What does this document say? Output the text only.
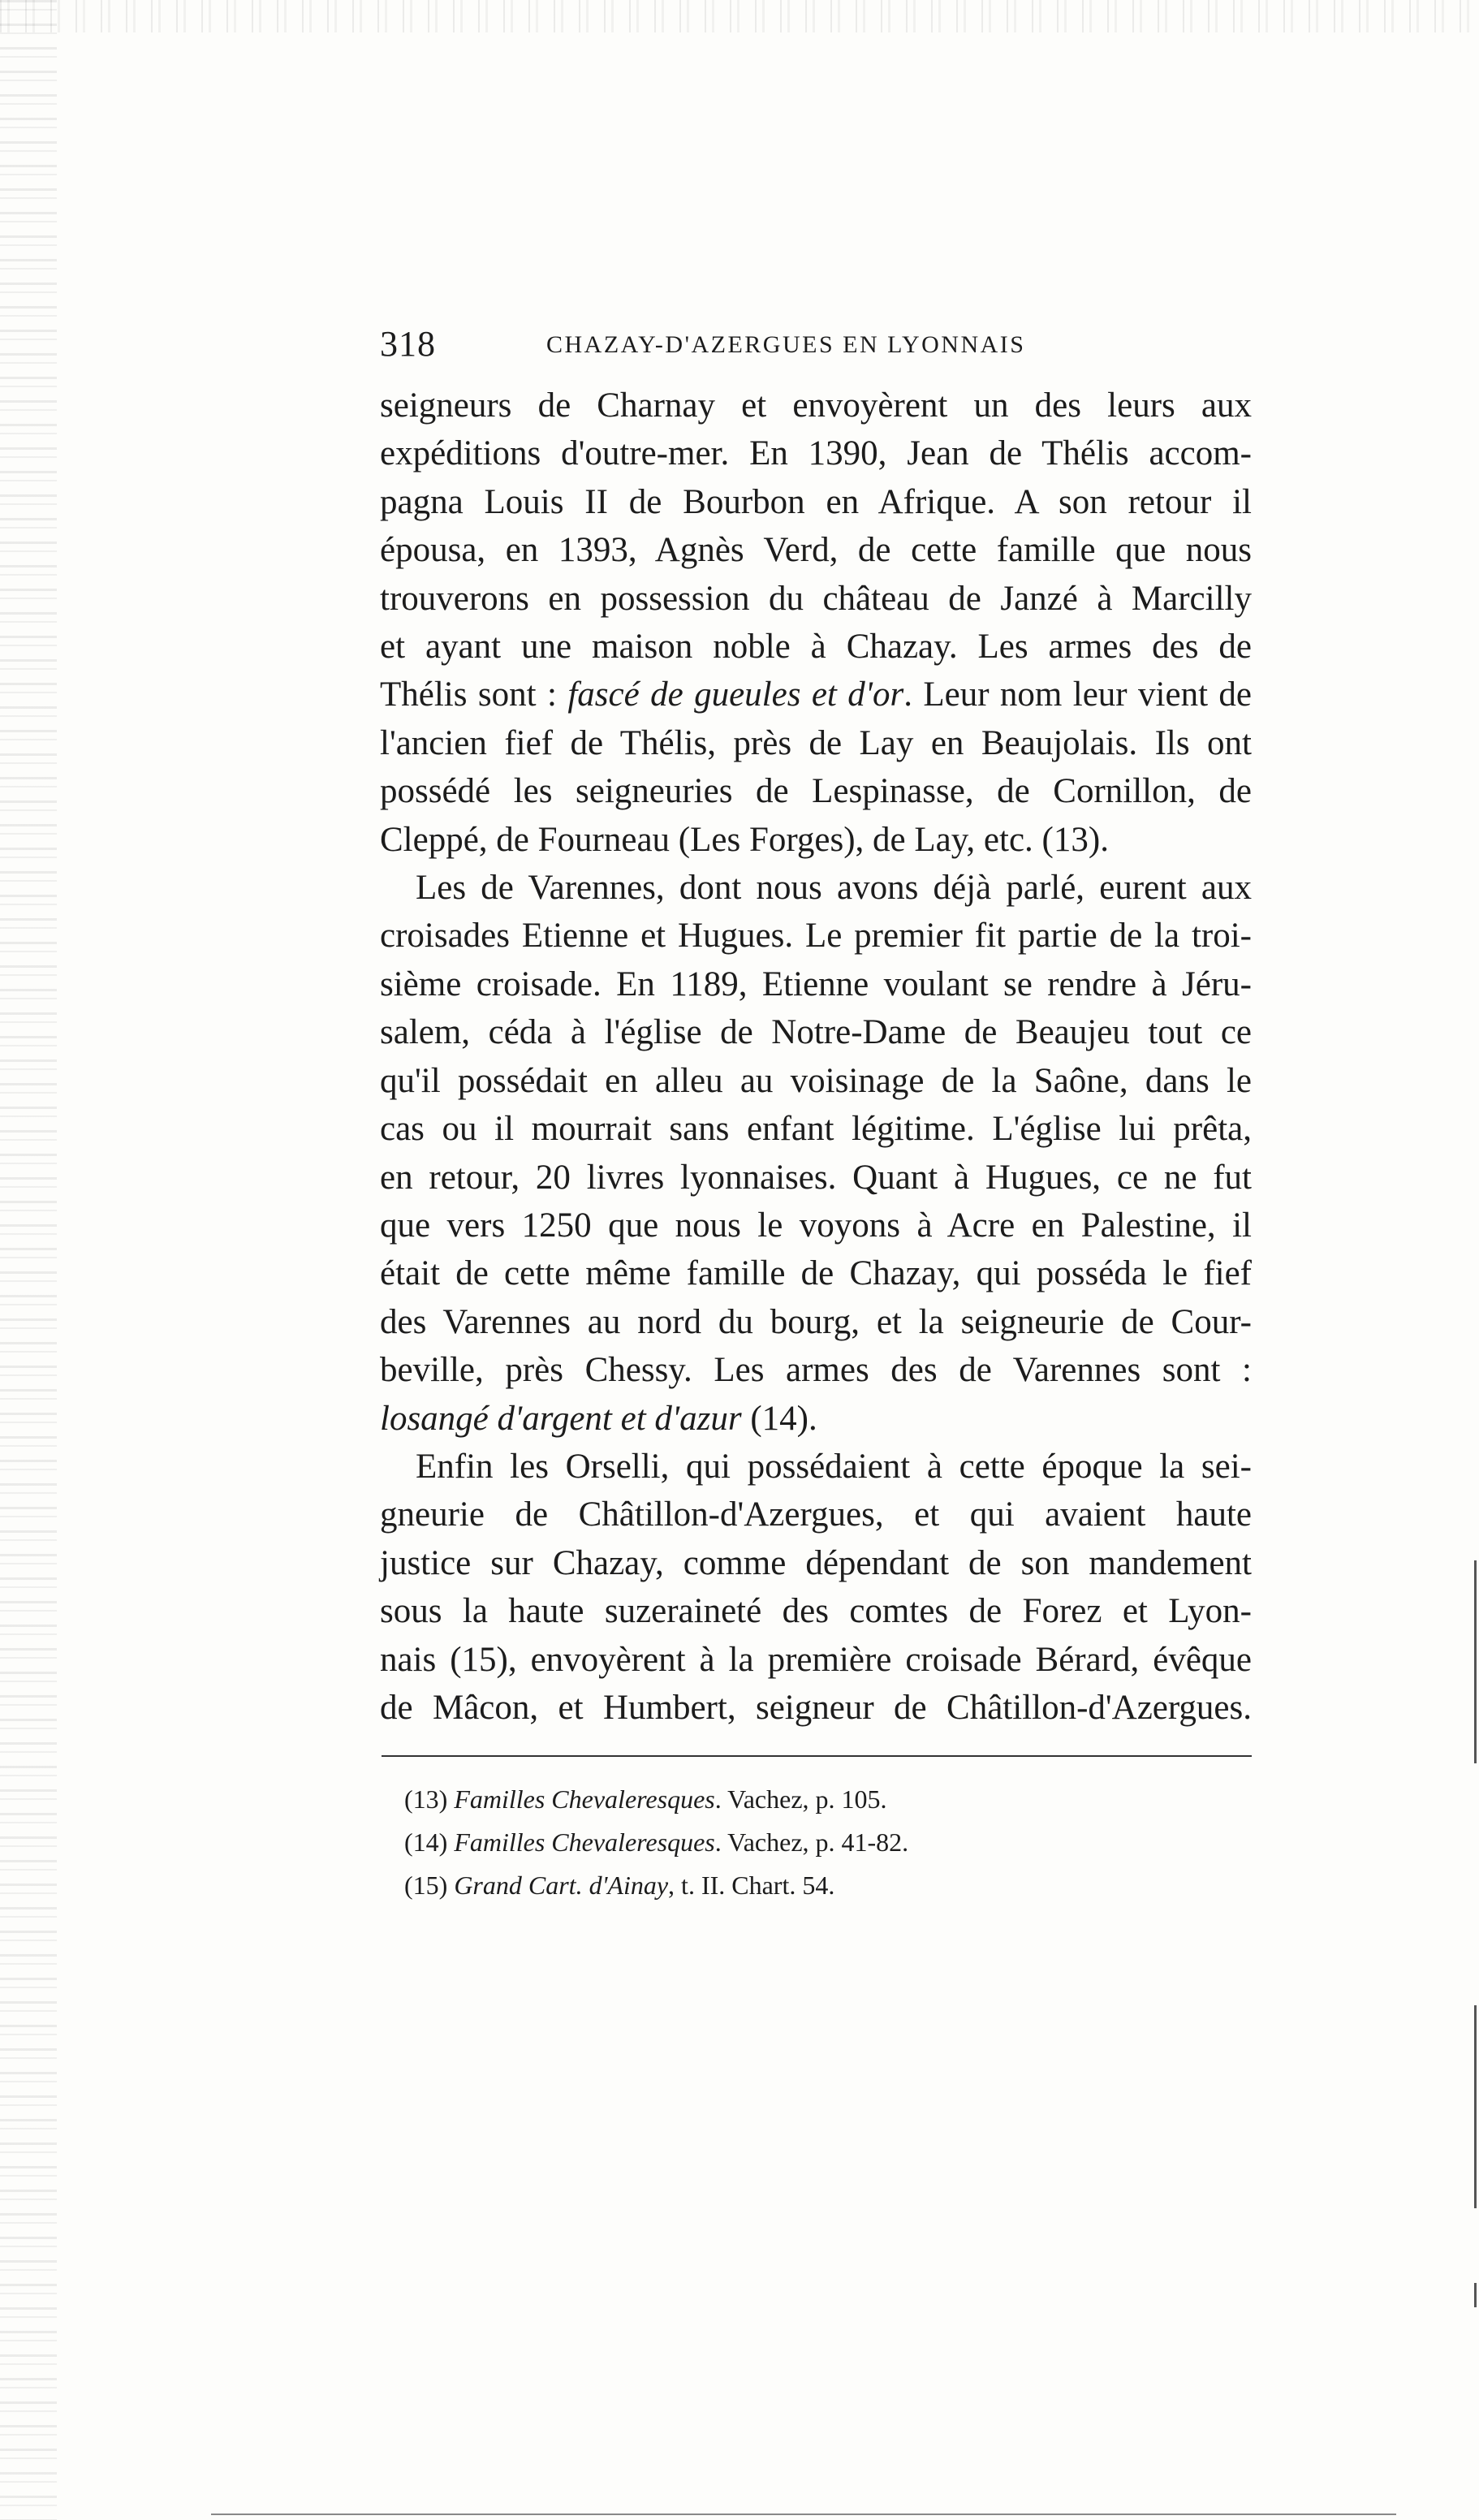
318	CHAZAY-D'AZERGUES EN LYONNAIS
seigneurs de Charnay et envoyèrent un des leurs aux
expéditions d'outre-mer. En 1390, Jean de Thélis accom-
pagna Louis II de Bourbon en Afrique. A son retour il
épousa, en 1393, Agnès Verd, de cette famille que nous
trouverons en possession du château de Janzé à Marcilly
et ayant une maison noble à Chazay. Les armes des de
Thélis sont : fascé de gueules et d'or. Leur nom leur vient de
l'ancien fief de Thélis, près de Lay en Beaujolais. Ils ont
possédé les seigneuries de Lespinasse, de Cornillon, de
Cleppé, de Fourneau (Les Forges), de Lay, etc. (13).
Les de Varennes, dont nous avons déjà parlé, eurent aux
croisades Etienne et Hugues. Le premier fit partie de la troi-
sième croisade. En 1189, Etienne voulant se rendre à Jéru-
salem, céda à l'église de Notre-Dame de Beaujeu tout ce
qu'il possédait en alleu au voisinage de la Saône, dans le
cas ou il mourrait sans enfant légitime. L'église lui prêta,
en retour, 20 livres lyonnaises. Quant à Hugues, ce ne fut
que vers 1250 que nous le voyons à Acre en Palestine, il
était de cette même famille de Chazay, qui posséda le fief
des Varennes au nord du bourg, et la seigneurie de Cour-
beville, près Chessy. Les armes des de Varennes sont :
losangé d'argent et d'azur (14).
Enfin les Orselli, qui possédaient à cette époque la sei-
gneurie de Châtillon-d'Azergues, et qui avaient haute
justice sur Chazay, comme dépendant de son mandement
sous la haute suzeraineté des comtes de Forez et Lyon-
nais (15), envoyèrent à la première croisade Bérard, évêque
de Mâcon, et Humbert, seigneur de Châtillon-d'Azergues.
(13) Familles Chevaleresques. Vachez, p. 105.
(14) Familles Chevaleresques. Vachez, p. 41-82.
(15) Grand Cart. d'Ainay, t. II. Chart. 54.
